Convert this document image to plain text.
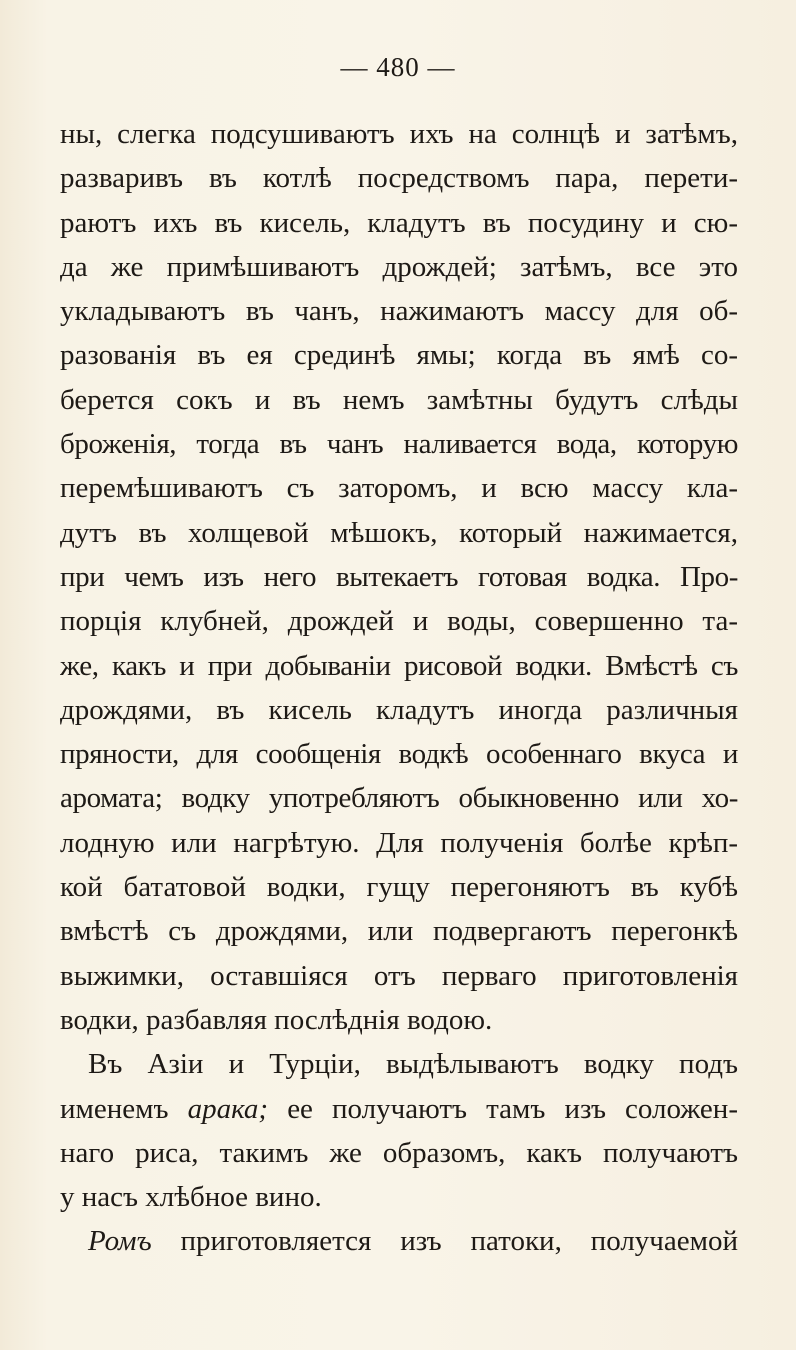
— 480 —
ны, слегка подсушиваютъ ихъ на солнцѣ и затѣмъ,
разваривъ въ котлѣ посредствомъ пара, перети-
раютъ ихъ въ кисель, кладутъ въ посудину и сю-
да же примѣшиваютъ дрождей; затѣмъ, все это
укладываютъ въ чанъ, нажимаютъ массу для об-
разованія въ ея срединѣ ямы; когда въ ямѣ со-
берется сокъ и въ немъ замѣтны будутъ слѣды
броженія, тогда въ чанъ наливается вода, которую
перемѣшиваютъ съ заторомъ, и всю массу кла-
дутъ въ холщевой мѣшокъ, который нажимается,
при чемъ изъ него вытекаетъ готовая водка. Про-
порція клубней, дрождей и воды, совершенно та-
же, какъ и при добываніи рисовой водки. Вмѣстѣ съ
дрождями, въ кисель кладутъ иногда различныя
пряности, для сообщенія водкѣ особеннаго вкуса и
аромата; водку употребляютъ обыкновенно или хо-
лодную или нагрѣтую. Для полученія болѣе крѣп-
кой бататовой водки, гущу перегоняютъ въ кубѣ
вмѣстѣ съ дрождями, или подвергаютъ перегонкѣ
выжимки, оставшіяся отъ перваго приготовленія
водки, разбавляя послѣднія водою.
Въ Азіи и Турціи, выдѣлываютъ водку подъ
именемъ арака; ее получаютъ тамъ изъ соложен-
наго риса, такимъ же образомъ, какъ получаютъ
у насъ хлѣбное вино.
Ромъ приготовляется изъ патоки, получаемой
